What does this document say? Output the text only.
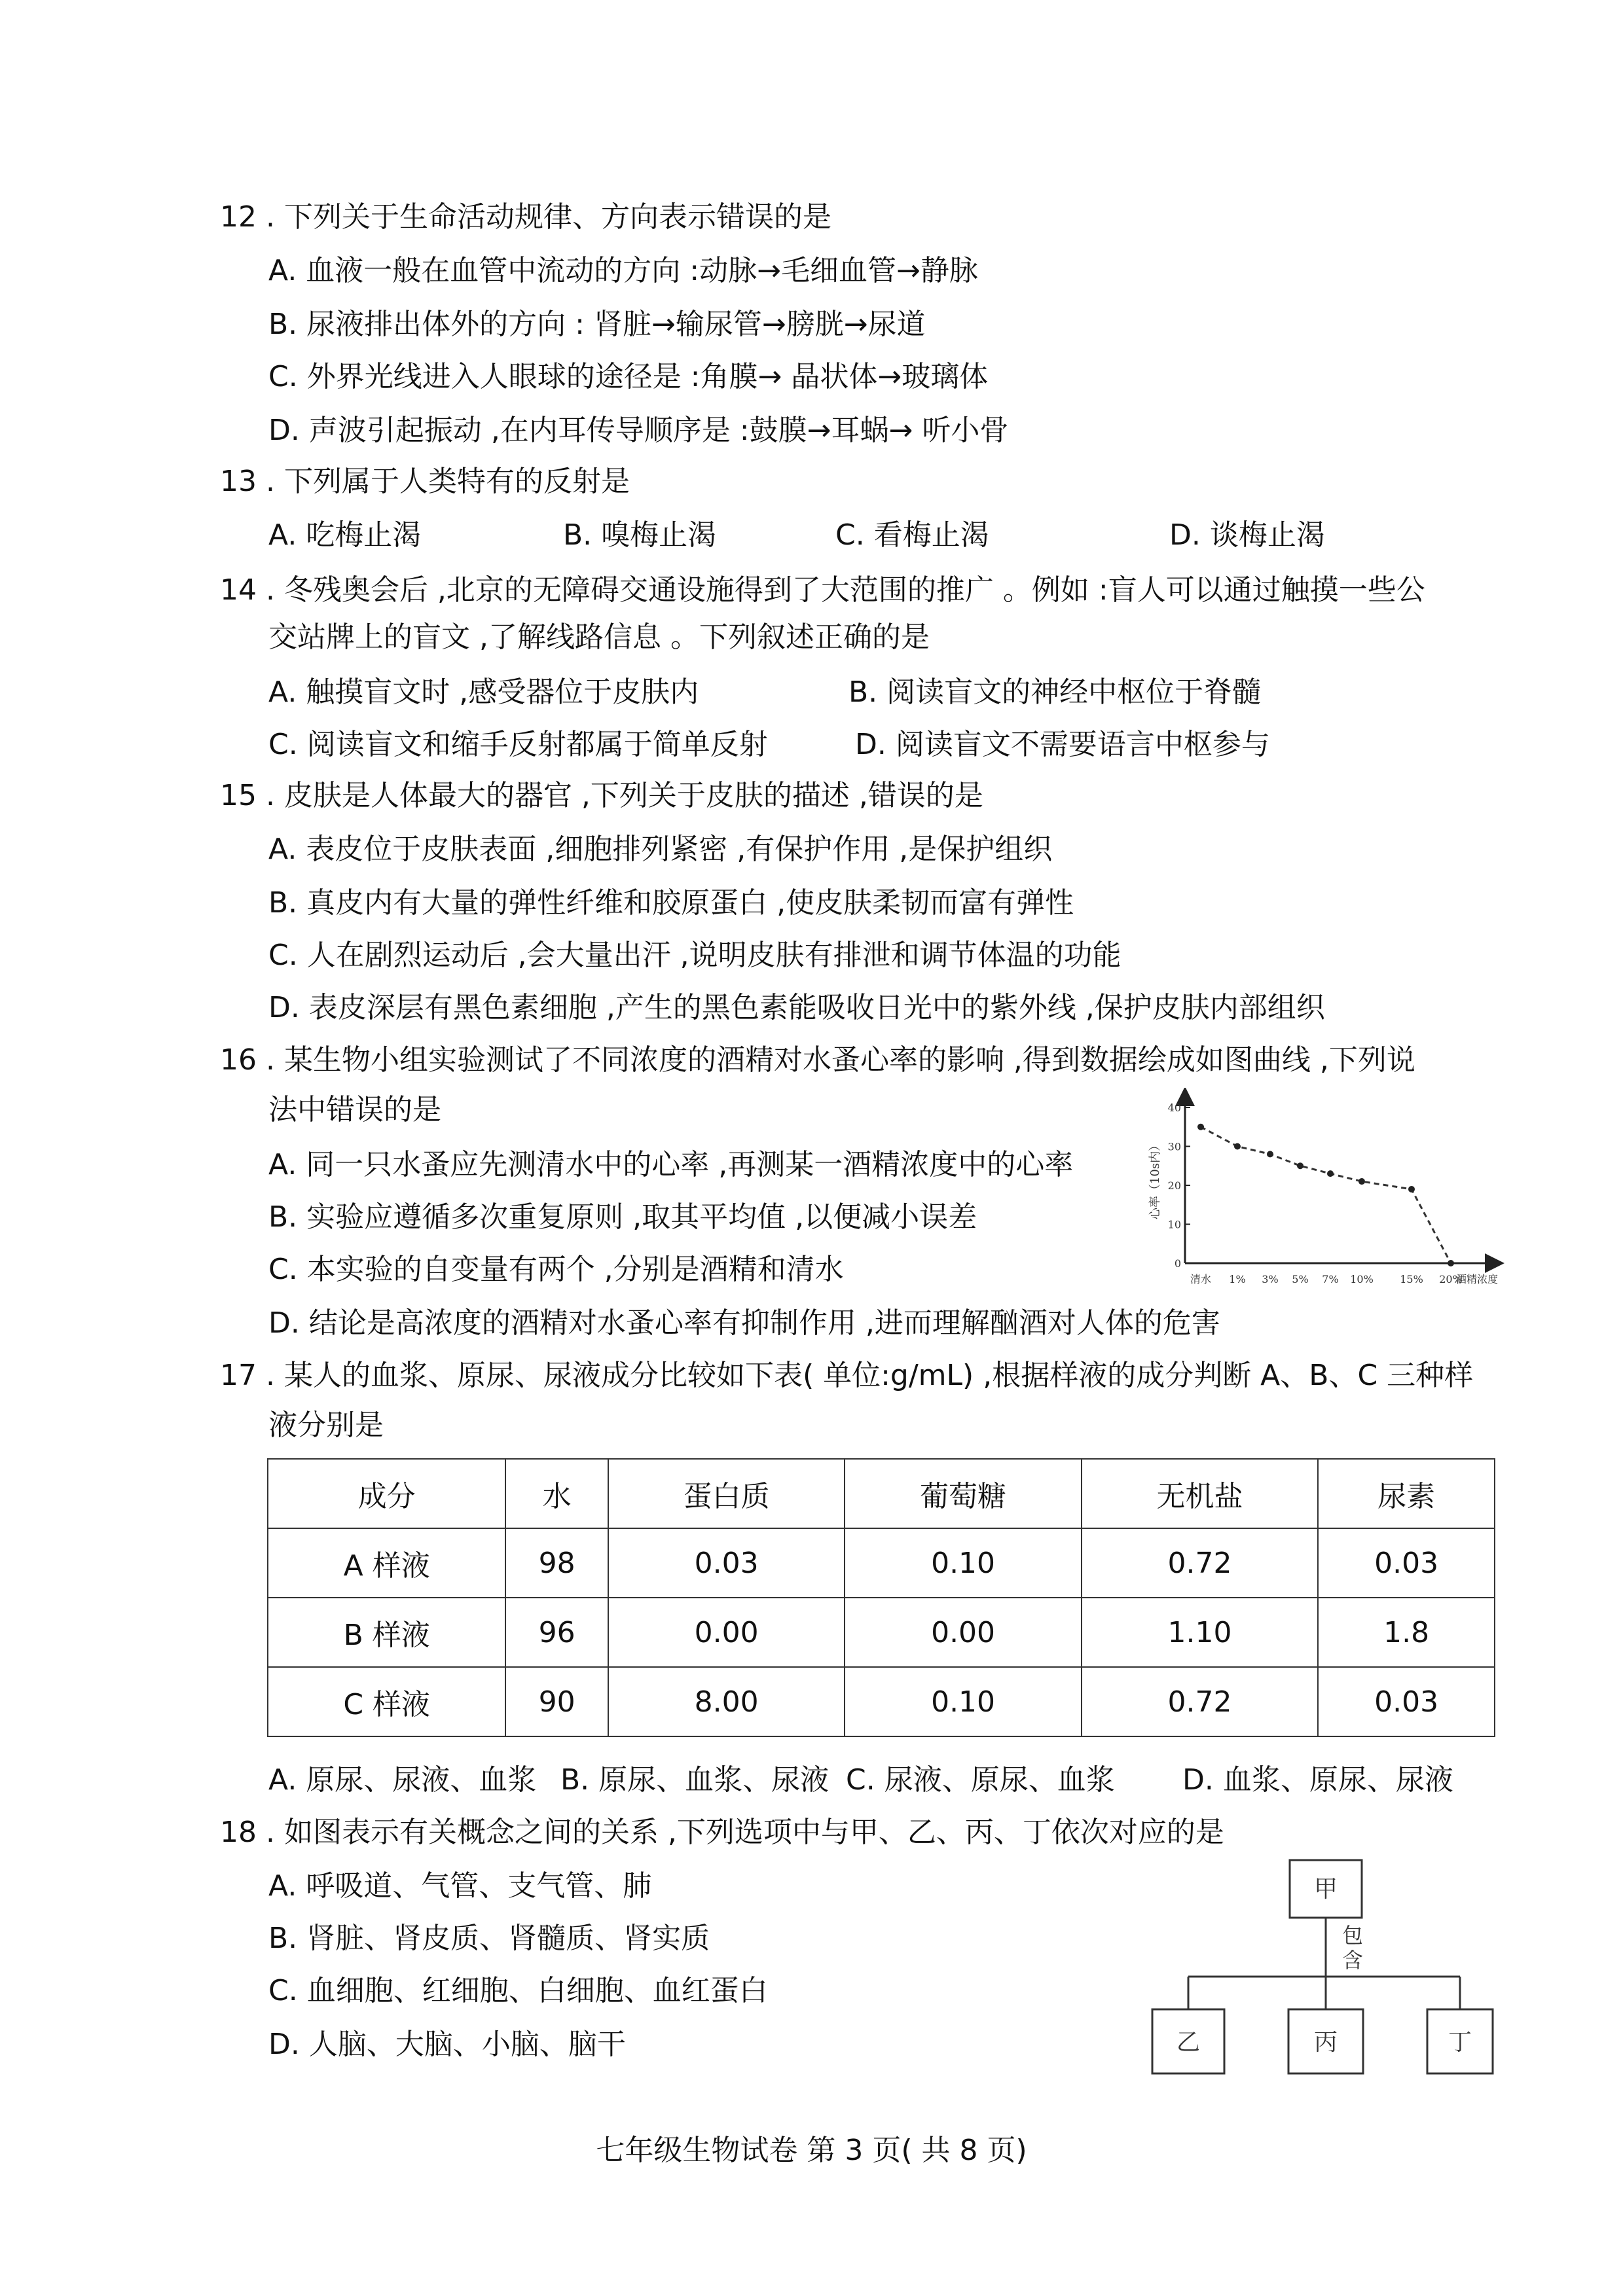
12 . 下列关于生命活动规律、方向表示错误的是
A. 血液一般在血管中流动的方向 :动脉→毛细血管→静脉
B. 尿液排出体外的方向 : 肾脏→输尿管→膀胱→尿道
C. 外界光线进入人眼球的途径是 :角膜→ 晶状体→玻璃体
D. 声波引起振动 ,在内耳传导顺序是 :鼓膜→耳蜗→ 听小骨
13 . 下列属于人类特有的反射是
A. 吃梅止渴	B. 嗅梅止渴	C. 看梅止渴	D. 谈梅止渴
14 . 冬残奥会后 ,北京的无障碍交通设施得到了大范围的推广 。例如 :盲人可以通过触摸一些公
交站牌上的盲文 ,了解线路信息 。下列叙述正确的是
A. 触摸盲文时 ,感受器位于皮肤内	B. 阅读盲文的神经中枢位于脊髓
C. 阅读盲文和缩手反射都属于简单反射	D. 阅读盲文不需要语言中枢参与
15 . 皮肤是人体最大的器官 ,下列关于皮肤的描述 ,错误的是
A. 表皮位于皮肤表面 ,细胞排列紧密 ,有保护作用 ,是保护组织
B. 真皮内有大量的弹性纤维和胶原蛋白 ,使皮肤柔韧而富有弹性
C. 人在剧烈运动后 ,会大量出汗 ,说明皮肤有排泄和调节体温的功能
D. 表皮深层有黑色素细胞 ,产生的黑色素能吸收日光中的紫外线 ,保护皮肤内部组织
16 . 某生物小组实验测试了不同浓度的酒精对水蚤心率的影响 ,得到数据绘成如图曲线 ,下列说
法中错误的是
A. 同一只水蚤应先测清水中的心率 ,再测某一酒精浓度中的心率
B. 实验应遵循多次重复原则 ,取其平均值 ,以便减小误差
C. 本实验的自变量有两个 ,分别是酒精和清水
D. 结论是高浓度的酒精对水蚤心率有抑制作用 ,进而理解酗酒对人体的危害
心率（10s内）
0
10
20
30
40
清水 1% 3% 5% 7% 10%	15% 20%
酒精浓度
17 . 某人的血浆、原尿、尿液成分比较如下表( 单位:g/mL) ,根据样液的成分判断 A、B、C 三种样
液分别是
成分	水	蛋白质	葡萄糖	无机盐	尿素
A 样液	98	0.03	0.10	0.72	0.03
B 样液	96	0.00	0.00	1.10	1.8
C 样液	90	8.00	0.10	0.72	0.03
A. 原尿、尿液、血浆 B. 原尿、血浆、尿液 C. 尿液、原尿、血浆 D. 血浆、原尿、尿液
18 . 如图表示有关概念之间的关系 ,下列选项中与甲、乙、丙、丁依次对应的是
A. 呼吸道、气管、支气管、肺
B. 肾脏、肾皮质、肾髓质、肾实质
C. 血细胞、红细胞、白细胞、血红蛋白
D. 人脑、大脑、小脑、脑干
甲
包 含
乙	丙	丁
七年级生物试卷 第 3 页( 共 8 页)
